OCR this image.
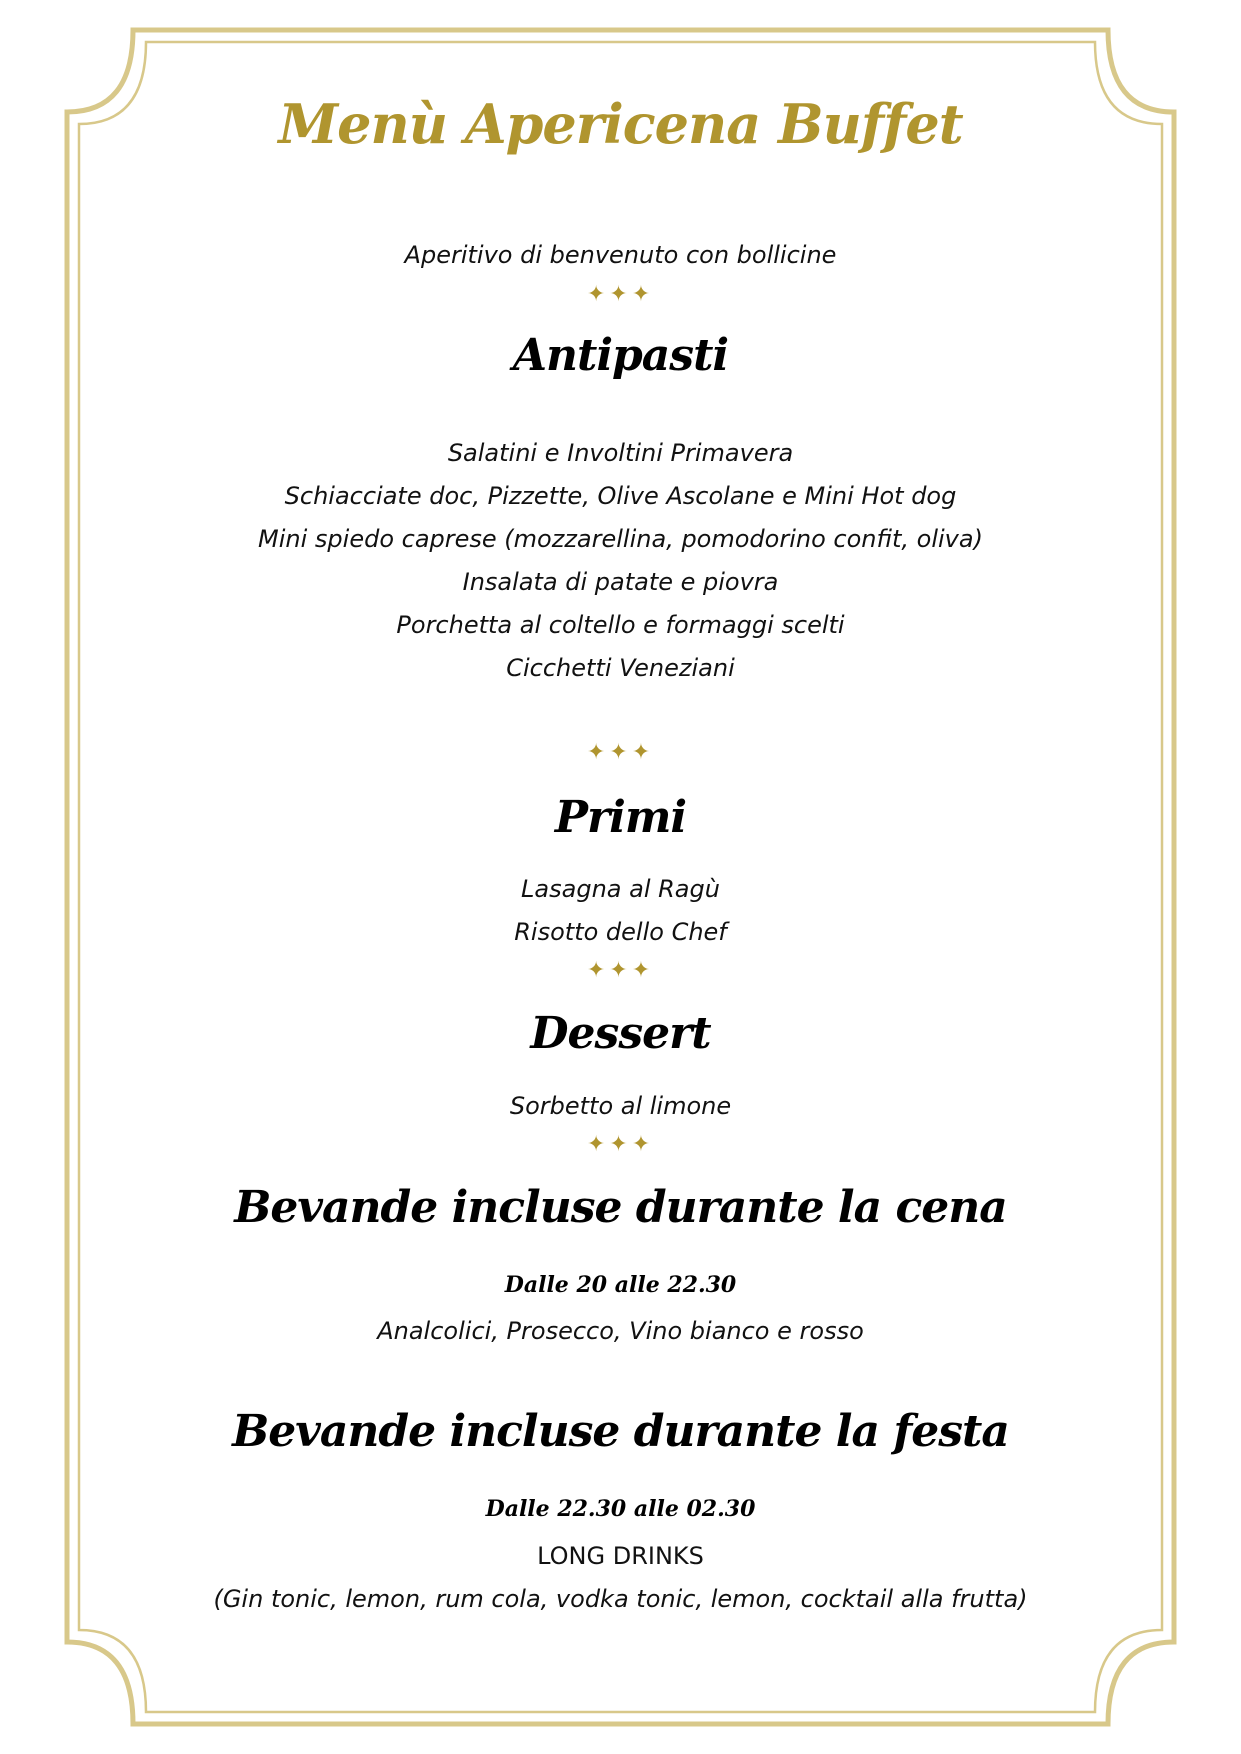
Menù Apericena Buffet
Aperitivo di benvenuto con bollicine
✦✦✦
Antipasti
Salatini e Involtini Primavera
Schiacciate doc, Pizzette, Olive Ascolane e Mini Hot dog
Mini spiedo caprese (mozzarellina, pomodorino confit, oliva)
Insalata di patate e piovra
Porchetta al coltello e formaggi scelti
Cicchetti Veneziani
✦✦✦
Primi
Lasagna al Ragù
Risotto dello Chef
✦✦✦
Dessert
Sorbetto al limone
✦✦✦
Bevande incluse durante la cena
Dalle 20 alle 22.30
Analcolici, Prosecco, Vino bianco e rosso
Bevande incluse durante la festa
Dalle 22.30 alle 02.30
LONG DRINKS
(Gin tonic, lemon, rum cola, vodka tonic, lemon, cocktail alla frutta)
